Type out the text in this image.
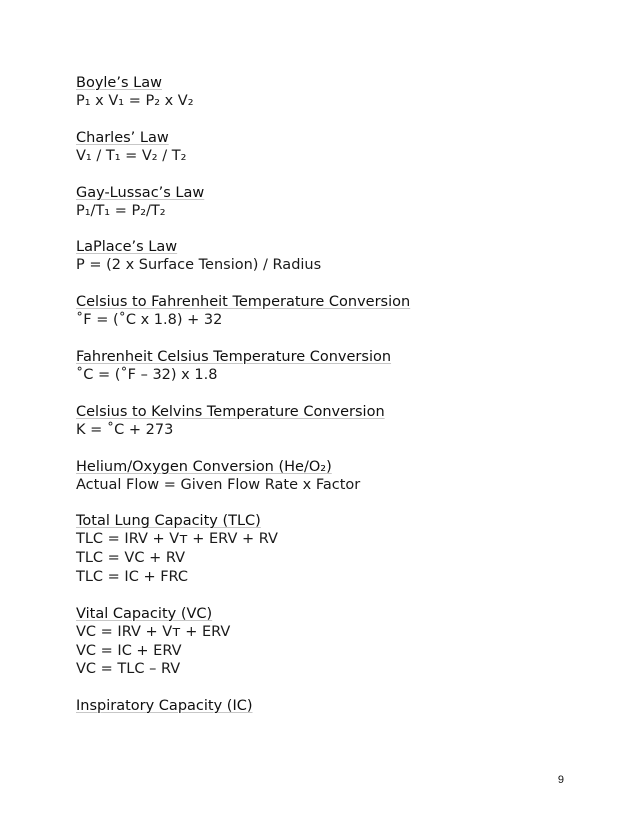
Boyle’s Law
P₁ x V₁ = P₂ x V₂
Charles’ Law
V₁ / T₁ = V₂ / T₂
Gay-Lussac’s Law
P₁/T₁ = P₂/T₂
LaPlace’s Law
P = (2 x Surface Tension) / Radius
Celsius to Fahrenheit Temperature Conversion
˚F = (˚C x 1.8) + 32
Fahrenheit Celsius Temperature Conversion
˚C = (˚F – 32) x 1.8
Celsius to Kelvins Temperature Conversion
K = ˚C + 273
Helium/Oxygen Conversion (He/O₂)
Actual Flow = Given Flow Rate x Factor
Total Lung Capacity (TLC)
TLC = IRV + Vᴛ + ERV + RV
TLC = VC + RV
TLC = IC + FRC
Vital Capacity (VC)
VC = IRV + Vᴛ + ERV
VC = IC + ERV
VC = TLC – RV
Inspiratory Capacity (IC)
9
